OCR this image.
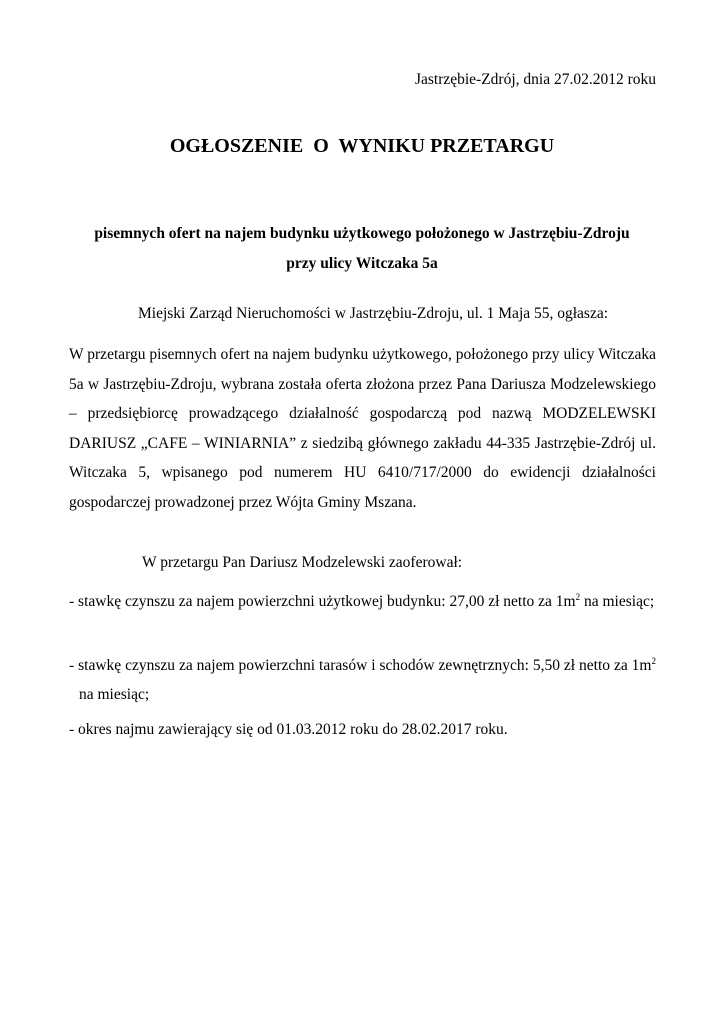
Jastrzębie-Zdrój, dnia 27.02.2012 roku
OGŁOSZENIE  O  WYNIKU PRZETARGU
pisemnych ofert na najem budynku użytkowego położonego w Jastrzębiu-Zdroju przy ulicy Witczaka 5a
Miejski Zarząd Nieruchomości w Jastrzębiu-Zdroju, ul. 1 Maja 55, ogłasza:
W przetargu pisemnych ofert na najem budynku użytkowego, położonego przy ulicy Witczaka 5a w Jastrzębiu-Zdroju, wybrana została oferta złożona przez Pana Dariusza Modzelewskiego – przedsiębiorcę prowadzącego działalność gospodarczą pod nazwą MODZELEWSKI DARIUSZ „CAFE – WINIARNIA” z siedzibą głównego zakładu 44-335 Jastrzębie-Zdrój ul. Witczaka 5, wpisanego pod numerem HU 6410/717/2000 do ewidencji działalności gospodarczej prowadzonej przez Wójta Gminy Mszana.
W przetargu Pan Dariusz Modzelewski zaoferował:
- stawkę czynszu za najem powierzchni użytkowej budynku: 27,00 zł netto za $1m^2$ na miesiąc;
- stawkę czynszu za najem powierzchni tarasów i schodów zewnętrznych: 5,50 zł netto za $1m^2$ na miesiąc;
- okres najmu zawierający się od 01.03.2012 roku do 28.02.2017 roku.
